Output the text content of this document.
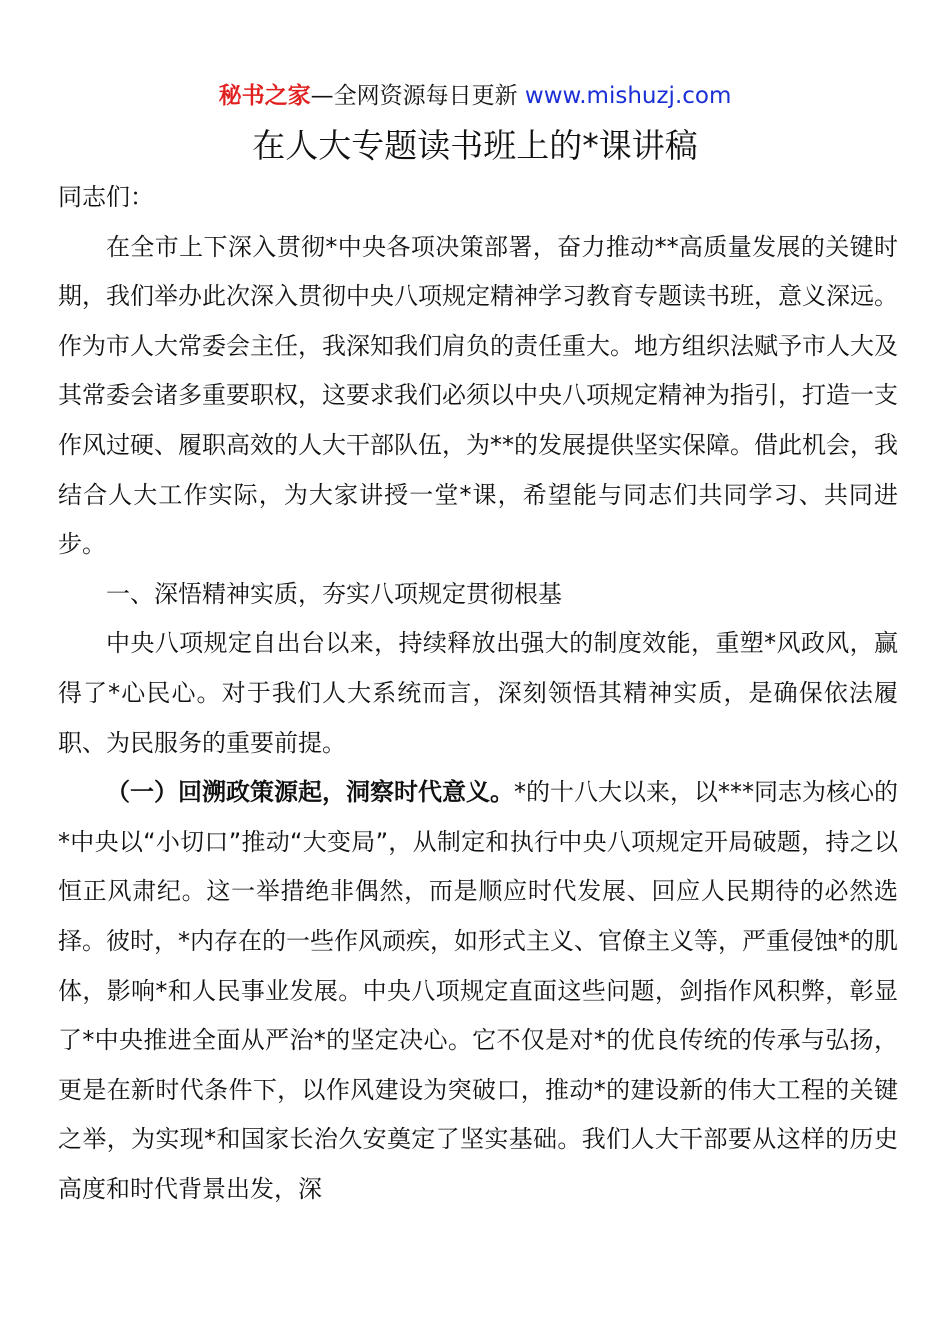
秘书之家—全网资源每日更新 www.mishuzj.com
在人大专题读书班上的*课讲稿

同志们：

在全市上下深入贯彻*中央各项决策部署，奋力推动**高质量发展的关键时期，我们举办此次深入贯彻中央八项规定精神学习教育专题读书班，意义深远。作为市人大常委会主任，我深知我们肩负的责任重大。地方组织法赋予市人大及其常委会诸多重要职权，这要求我们必须以中央八项规定精神为指引，打造一支作风过硬、履职高效的人大干部队伍，为**的发展提供坚实保障。借此机会，我结合人大工作实际，为大家讲授一堂*课，希望能与同志们共同学习、共同进步。

一、深悟精神实质，夯实八项规定贯彻根基

中央八项规定自出台以来，持续释放出强大的制度效能，重塑*风政风，赢得了*心民心。对于我们人大系统而言，深刻领悟其精神实质，是确保依法履职、为民服务的重要前提。

（一）回溯政策源起，洞察时代意义。*的十八大以来，以***同志为核心的*中央以“小切口”推动“大变局”，从制定和执行中央八项规定开局破题，持之以恒正风肃纪。这一举措绝非偶然，而是顺应时代发展、回应人民期待的必然选择。彼时，*内存在的一些作风顽疾，如形式主义、官僚主义等，严重侵蚀*的肌体，影响*和人民事业发展。中央八项规定直面这些问题，剑指作风积弊，彰显了*中央推进全面从严治*的坚定决心。它不仅是对*的优良传统的传承与弘扬，更是在新时代条件下，以作风建设为突破口，推动*的建设新的伟大工程的关键之举，为实现*和国家长治久安奠定了坚实基础。我们人大干部要从这样的历史高度和时代背景出发，深
